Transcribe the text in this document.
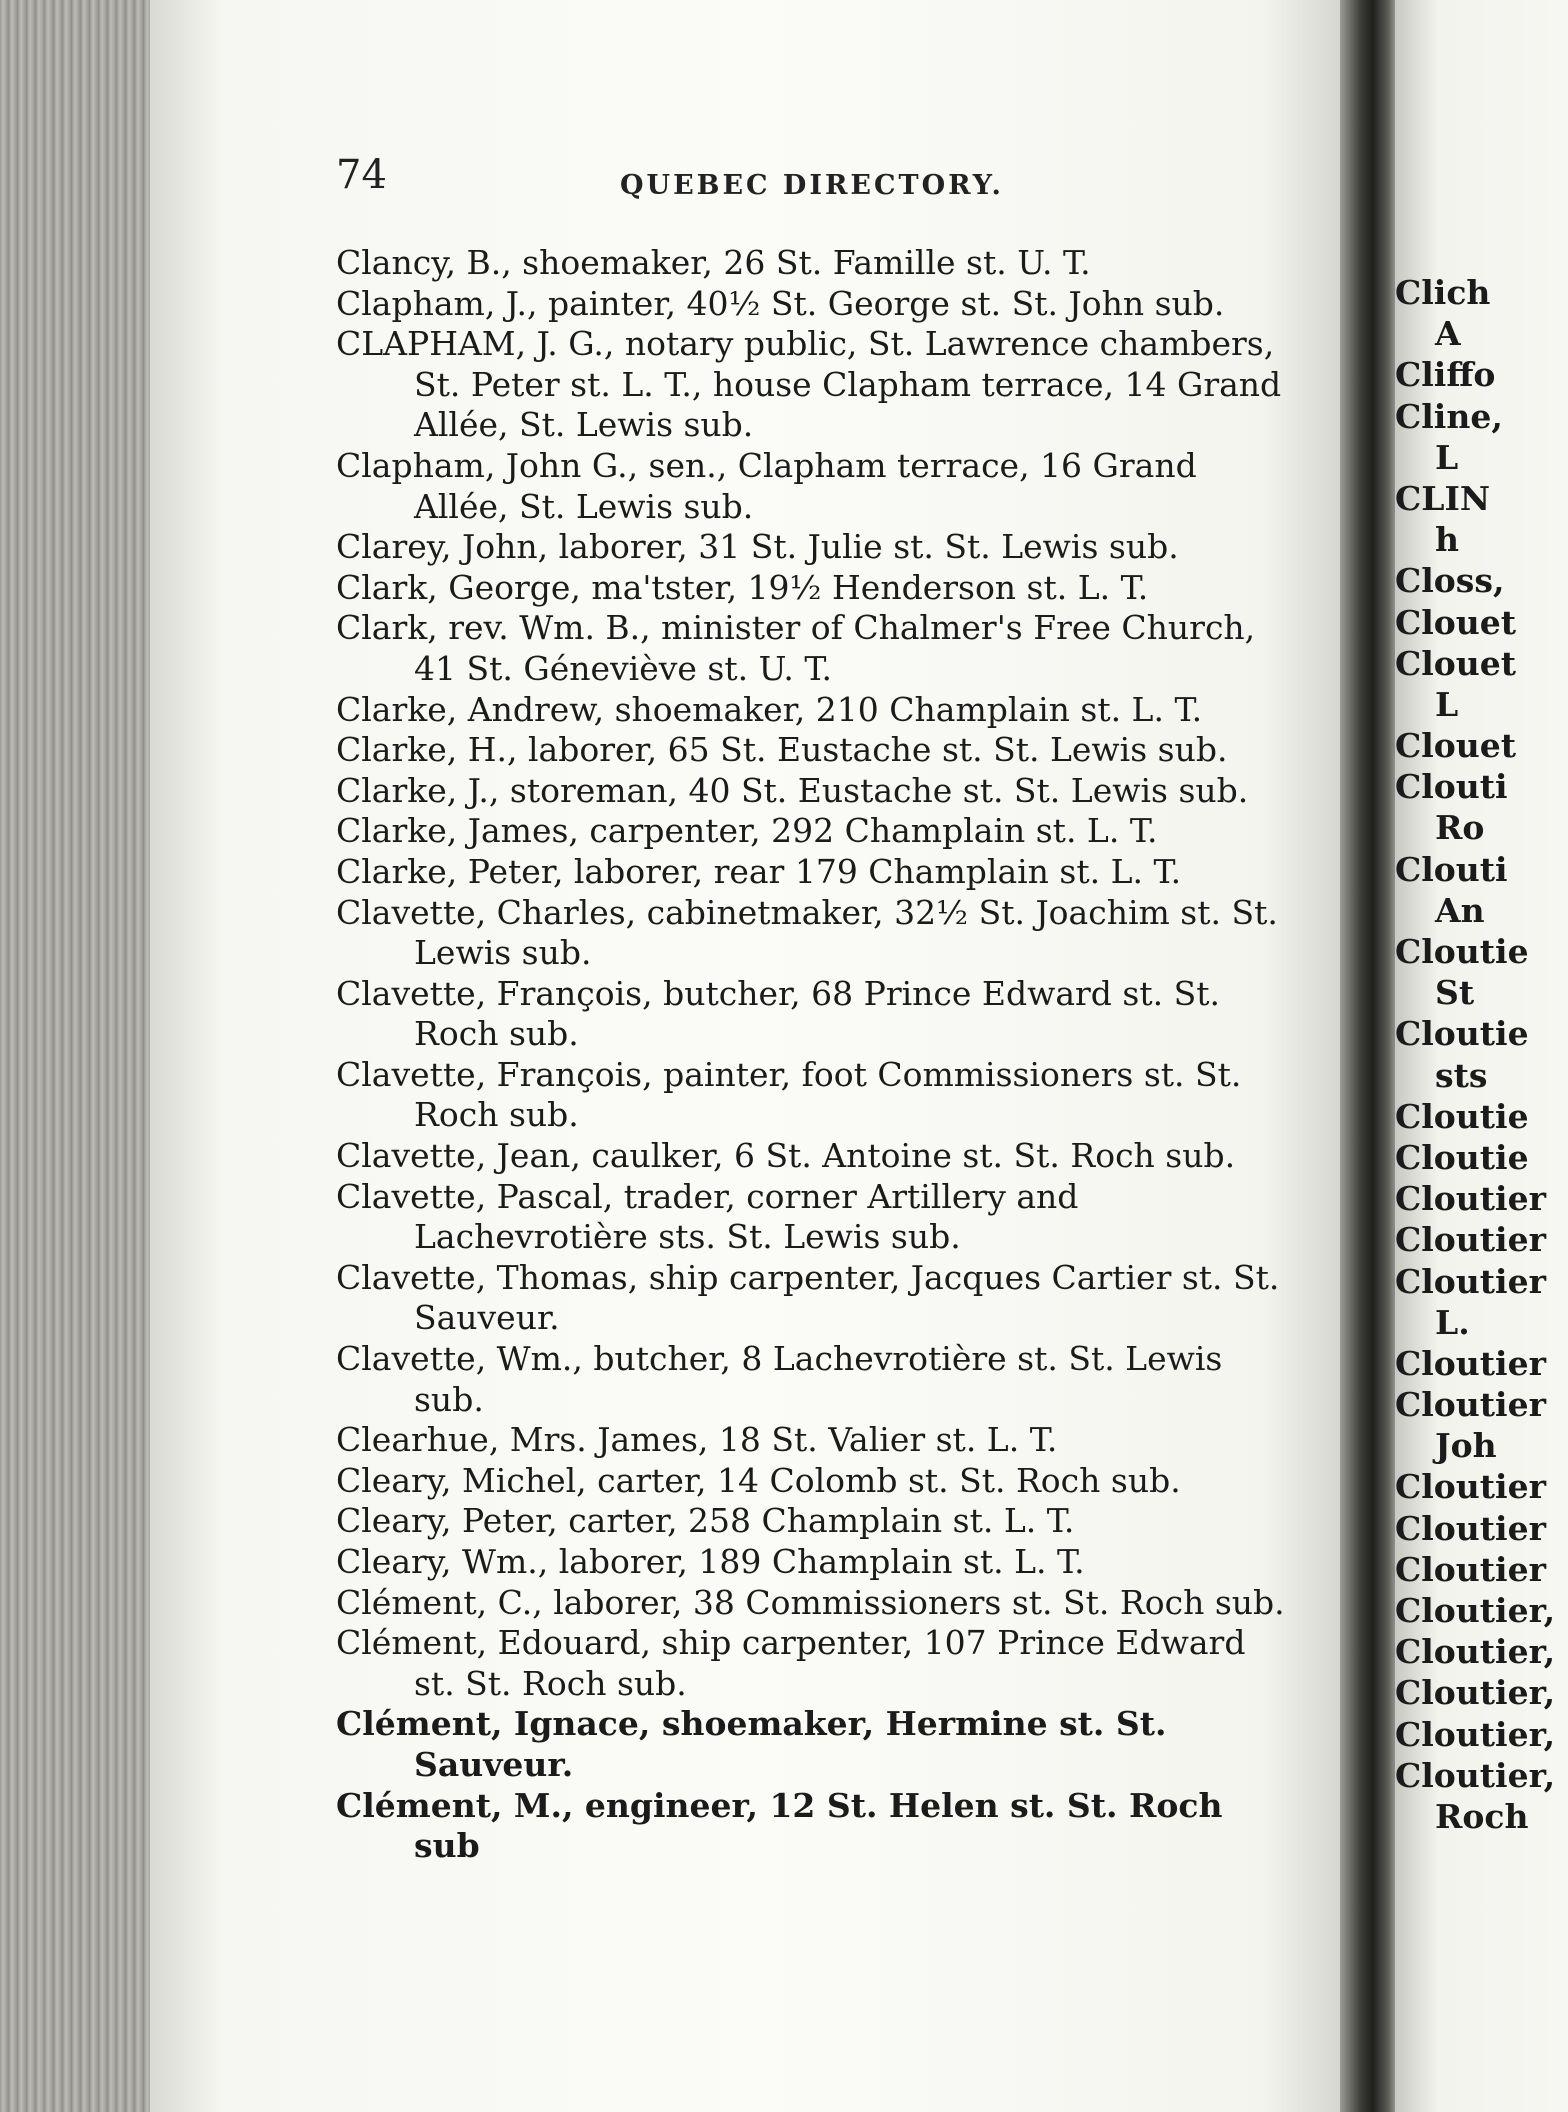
74	QUEBEC DIRECTORY.
Clancy, B., shoemaker, 26 St. Famille st. U. T.
Clapham, J., painter, 40½ St. George st. St. John sub.
CLAPHAM, J. G., notary public, St. Lawrence chambers, St. Peter st. L. T., house Clapham terrace, 14 Grand Allée, St. Lewis sub.
Clapham, John G., sen., Clapham terrace, 16 Grand Allée, St. Lewis sub.
Clarey, John, laborer, 31 St. Julie st. St. Lewis sub.
Clark, George, ma'tster, 19½ Henderson st. L. T.
Clark, rev. Wm. B., minister of Chalmer's Free Church, 41 St. Géneviève st. U. T.
Clarke, Andrew, shoemaker, 210 Champlain st. L. T.
Clarke, H., laborer, 65 St. Eustache st. St. Lewis sub.
Clarke, J., storeman, 40 St. Eustache st. St. Lewis sub.
Clarke, James, carpenter, 292 Champlain st. L. T.
Clarke, Peter, laborer, rear 179 Champlain st. L. T.
Clavette, Charles, cabinetmaker, 32½ St. Joachim st. St. Lewis sub.
Clavette, François, butcher, 68 Prince Edward st. St. Roch sub.
Clavette, François, painter, foot Commissioners st. St. Roch sub.
Clavette, Jean, caulker, 6 St. Antoine st. St. Roch sub.
Clavette, Pascal, trader, corner Artillery and Lachevrotière sts. St. Lewis sub.
Clavette, Thomas, ship carpenter, Jacques Cartier st. St. Sauveur.
Clavette, Wm., butcher, 8 Lachevrotière st. St. Lewis sub.
Clearhue, Mrs. James, 18 St. Valier st. L. T.
Cleary, Michel, carter, 14 Colomb st. St. Roch sub.
Cleary, Peter, carter, 258 Champlain st. L. T.
Cleary, Wm., laborer, 189 Champlain st. L. T.
Clément, C., laborer, 38 Commissioners st. St. Roch sub.
Clément, Edouard, ship carpenter, 107 Prince Edward st. St. Roch sub.
Clément, Ignace, shoemaker, Hermine st. St. Sauveur.
Clément, M., engineer, 12 St. Helen st. St. Roch sub
Clich
A
Cliffo
Cline,
L
CLIN
h
Closs,
Clouet
Clouet
L
Clouet
Clouti
Ro
Clouti
An
Cloutie
St
Cloutie
sts
Cloutie
Cloutie
Cloutier
Cloutier
Cloutier
L.
Cloutier
Cloutier
Joh
Cloutier
Cloutier
Cloutier
Cloutier,
Cloutier,
Cloutier,
Cloutier,
Cloutier,
Roch
